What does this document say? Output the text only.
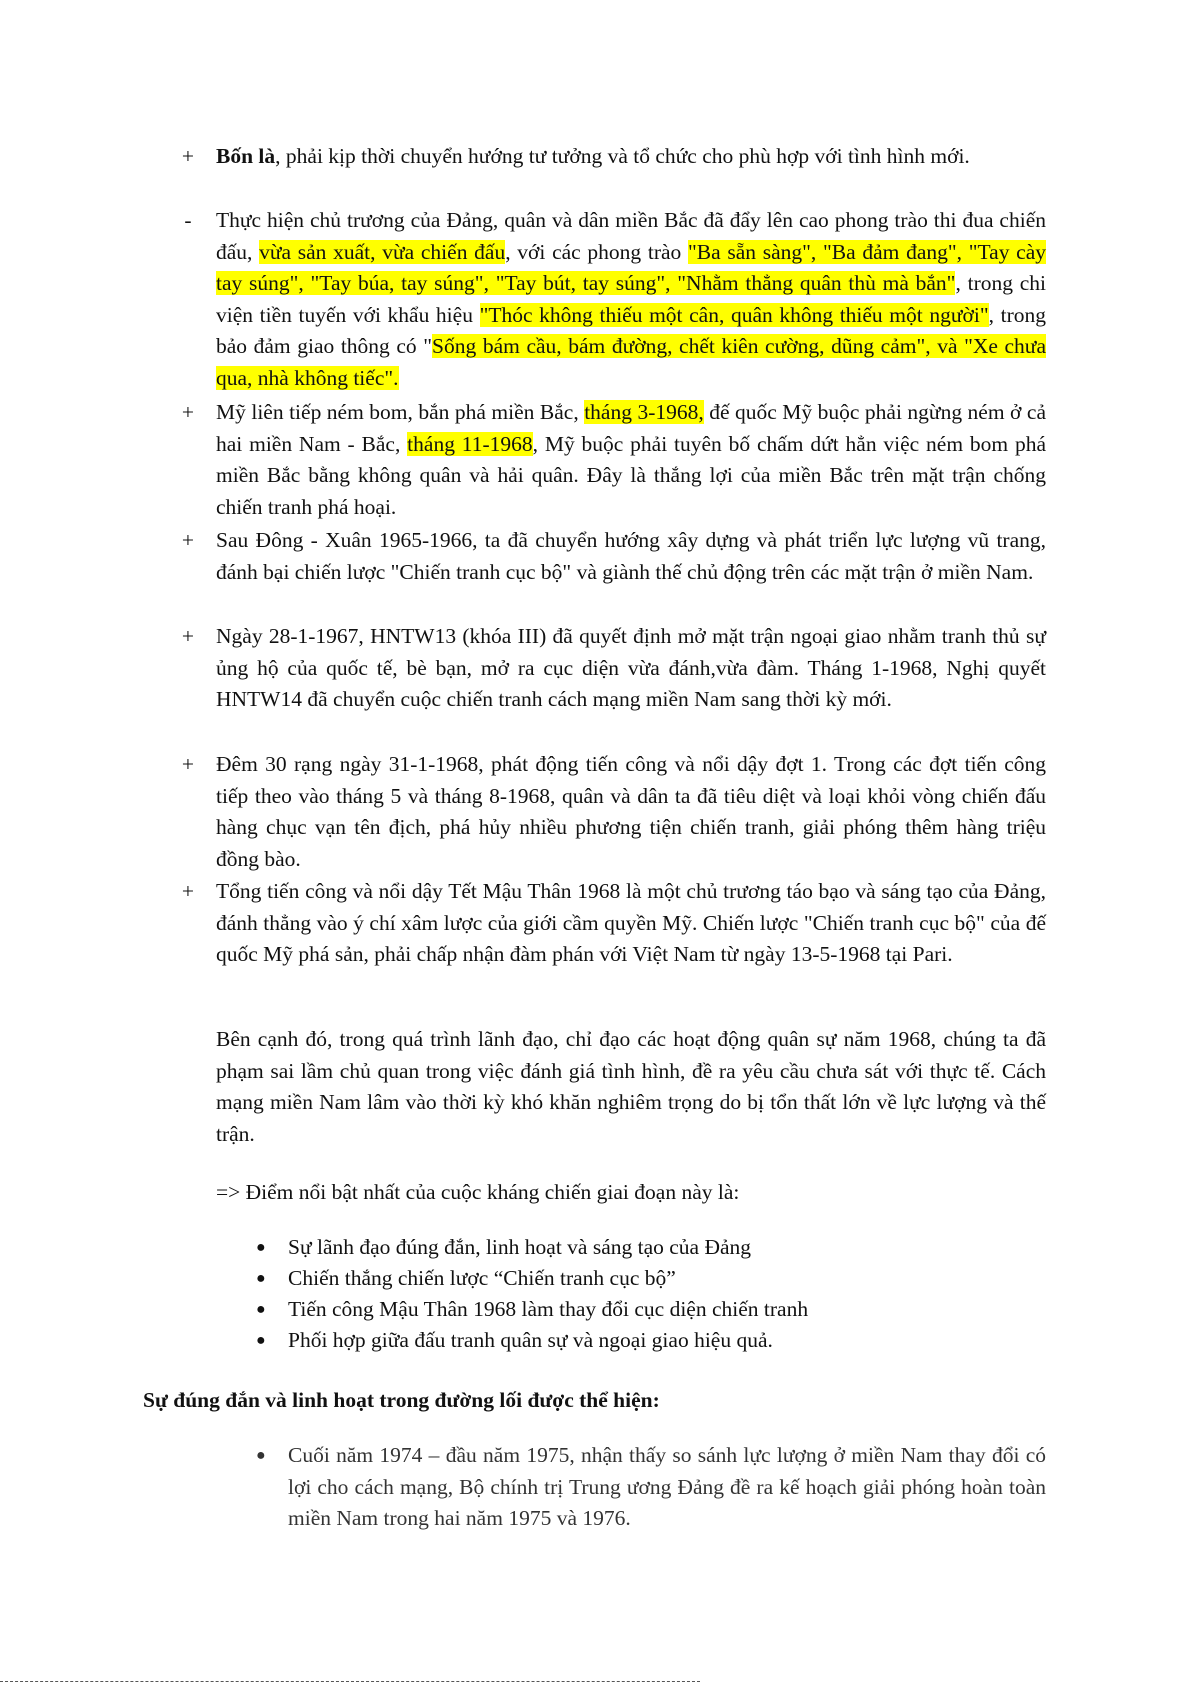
+ Bốn là, phải kịp thời chuyển hướng tư tưởng và tổ chức cho phù hợp với tình hình mới.
-	Thực hiện chủ trương của Đảng, quân và dân miền Bắc đã đẩy lên cao phong trào thi đua chiến đấu, vừa sản xuất, vừa chiến đấu, với các phong trào "Ba sẵn sàng", "Ba đảm đang", "Tay cày tay súng", "Tay búa, tay súng", "Tay bút, tay súng", "Nhằm thẳng quân thù mà bắn", trong chi viện tiền tuyến với khẩu hiệu "Thóc không thiếu một cân, quân không thiếu một người", trong bảo đảm giao thông có "Sống bám cầu, bám đường, chết kiên cường, dũng cảm", và "Xe chưa qua, nhà không tiếc".
+ Mỹ liên tiếp ném bom, bắn phá miền Bắc, tháng 3-1968, đế quốc Mỹ buộc phải ngừng ném ở cả hai miền Nam - Bắc, tháng 11-1968, Mỹ buộc phải tuyên bố chấm dứt hẳn việc ném bom phá miền Bắc bằng không quân và hải quân. Đây là thắng lợi của miền Bắc trên mặt trận chống chiến tranh phá hoại.
+ Sau Đông - Xuân 1965-1966, ta đã chuyển hướng xây dựng và phát triển lực lượng vũ trang, đánh bại chiến lược "Chiến tranh cục bộ" và giành thế chủ động trên các mặt trận ở miền Nam.
+ Ngày 28-1-1967, HNTW13 (khóa III) đã quyết định mở mặt trận ngoại giao nhằm tranh thủ sự ủng hộ của quốc tế, bè bạn, mở ra cục diện vừa đánh,vừa đàm. Tháng 1-1968, Nghị quyết HNTW14 đã chuyển cuộc chiến tranh cách mạng miền Nam sang thời kỳ mới.
+ Đêm 30 rạng ngày 31-1-1968, phát động tiến công và nổi dậy đợt 1. Trong các đợt tiến công tiếp theo vào tháng 5 và tháng 8-1968, quân và dân ta đã tiêu diệt và loại khỏi vòng chiến đấu hàng chục vạn tên địch, phá hủy nhiều phương tiện chiến tranh, giải phóng thêm hàng triệu đồng bào.
+ Tổng tiến công và nổi dậy Tết Mậu Thân 1968 là một chủ trương táo bạo và sáng tạo của Đảng, đánh thẳng vào ý chí xâm lược của giới cầm quyền Mỹ. Chiến lược "Chiến tranh cục bộ" của đế quốc Mỹ phá sản, phải chấp nhận đàm phán với Việt Nam từ ngày 13-5-1968 tại Pari.
Bên cạnh đó, trong quá trình lãnh đạo, chỉ đạo các hoạt động quân sự năm 1968, chúng ta đã phạm sai lầm chủ quan trong việc đánh giá tình hình, đề ra yêu cầu chưa sát với thực tế. Cách mạng miền Nam lâm vào thời kỳ khó khăn nghiêm trọng do bị tổn thất lớn về lực lượng và thế trận.
=> Điểm nổi bật nhất của cuộc kháng chiến giai đoạn này là:
● Sự lãnh đạo đúng đắn, linh hoạt và sáng tạo của Đảng
● Chiến thắng chiến lược “Chiến tranh cục bộ”
● Tiến công Mậu Thân 1968 làm thay đổi cục diện chiến tranh
● Phối hợp giữa đấu tranh quân sự và ngoại giao hiệu quả.
Sự đúng đắn và linh hoạt trong đường lối được thể hiện:
● Cuối năm 1974 – đầu năm 1975, nhận thấy so sánh lực lượng ở miền Nam thay đổi có lợi cho cách mạng, Bộ chính trị Trung ương Đảng đề ra kế hoạch giải phóng hoàn toàn miền Nam trong hai năm 1975 và 1976.
